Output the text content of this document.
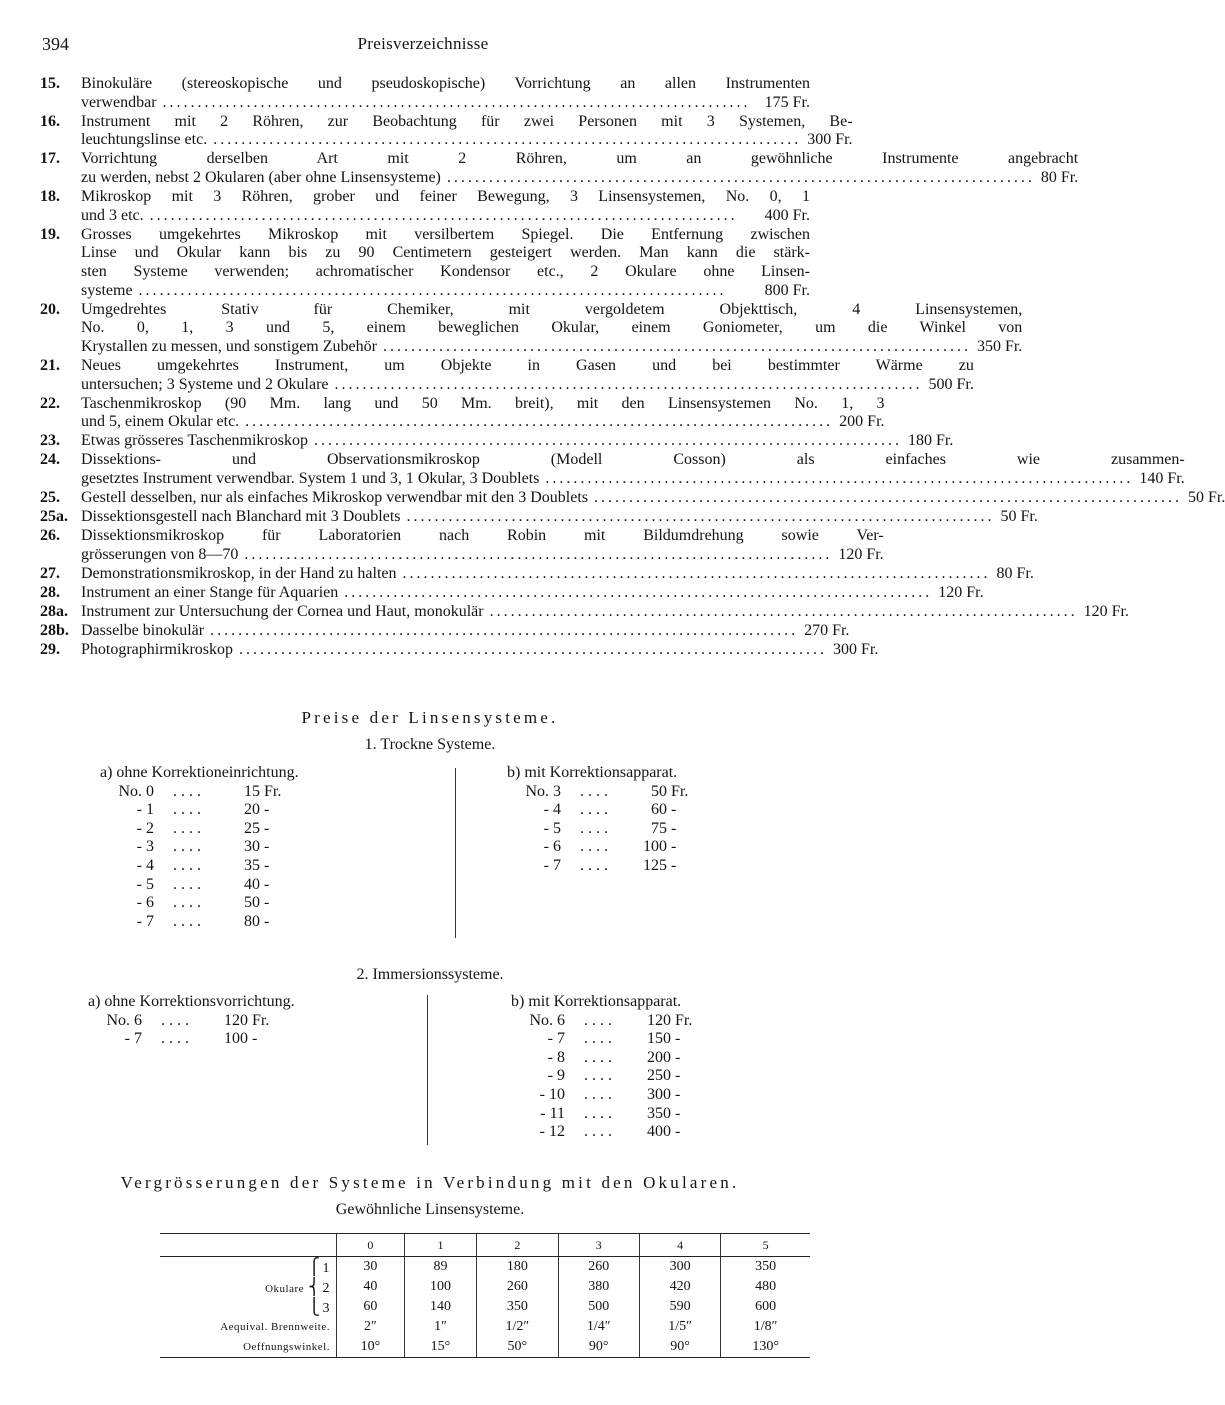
394	Preisverzeichnisse
15.	Binokuläre (stereoskopische und pseudoskopische) Vorrichtung an allen Instrumenten
verwendbar .................................................................................... 175 Fr.
16.	Instrument mit 2 Röhren, zur Beobachtung für zwei Personen mit 3 Systemen, Be-
leuchtungslinse etc. .................................................................................... 300 Fr.
17.	Vorrichtung derselben Art mit 2 Röhren, um an gewöhnliche Instrumente angebracht
zu werden, nebst 2 Okularen (aber ohne Linsensysteme) .................................................................................... 80 Fr.
18.	Mikroskop mit 3 Röhren, grober und feiner Bewegung, 3 Linsensystemen, No. 0, 1
und 3 etc. ....................................................................................	400 Fr.
19.	Grosses umgekehrtes Mikroskop mit versilbertem Spiegel. Die Entfernung zwischen
Linse und Okular kann bis zu 90 Centimetern gesteigert werden. Man kann die stärk-
sten Systeme verwenden; achromatischer Kondensor etc., 2 Okulare ohne Linsen-
systeme ....................................................................................	800 Fr.
20.	Umgedrehtes Stativ für Chemiker, mit vergoldetem Objekttisch, 4 Linsensystemen,
No. 0, 1, 3 und 5, einem beweglichen Okular, einem Goniometer, um die Winkel von
Krystallen zu messen, und sonstigem Zubehör .................................................................................... 350 Fr.
21.	Neues umgekehrtes Instrument, um Objekte in Gasen und bei bestimmter Wärme zu
untersuchen; 3 Systeme und 2 Okulare .................................................................................... 500 Fr.
22.	Taschenmikroskop (90 Mm. lang und 50 Mm. breit), mit den Linsensystemen No. 1, 3
und 5, einem Okular etc. .................................................................................... 200 Fr.
23.	Etwas grösseres Taschenmikroskop .................................................................................... 180 Fr.
24.	Dissektions- und Observationsmikroskop (Modell Cosson) als einfaches wie zusammen-
gesetztes Instrument verwendbar. System 1 und 3, 1 Okular, 3 Doublets .................................................................................... 140 Fr.
25.	Gestell desselben, nur als einfaches Mikroskop verwendbar mit den 3 Doublets .................................................................................... 50 Fr.
25a. Dissektionsgestell nach Blanchard mit 3 Doublets .................................................................................... 50 Fr.
26.	Dissektionsmikroskop für Laboratorien nach Robin mit Bildumdrehung sowie Ver-
grösserungen von 8—70 .................................................................................... 120 Fr.
27.	Demonstrationsmikroskop, in der Hand zu halten .................................................................................... 80 Fr.
28.	Instrument an einer Stange für Aquarien .................................................................................... 120 Fr.
28a. Instrument zur Untersuchung der Cornea und Haut, monokulär .................................................................................... 120 Fr.
28b. Dasselbe binokulär .................................................................................... 270 Fr.
29.	Photographirmikroskop .................................................................................... 300 Fr.
Preise der Linsensysteme.
1. Trockne Systeme.
a) ohne Korrektioneinrichtung.
No. 0 .... 15 Fr.
- 1 .... 20 -
- 2 .... 25 -
- 3 .... 30 -
- 4 .... 35 -
- 5 .... 40 -
- 6 .... 50 -
- 7 .... 80 -
b) mit Korrektionsapparat.
No. 3 .... 50 Fr.
- 4 .... 60 -
- 5 .... 75 -
- 6 .... 100 -
- 7 .... 125 -
2. Immersionssysteme.
a) ohne Korrektionsvorrichtung.
No. 6 .... 120 Fr.
- 7 .... 100 -
b) mit Korrektionsapparat.
No. 6 .... 120 Fr.
- 7 .... 150 -
- 8 .... 200 -
- 9 .... 250 -
- 10 .... 300 -
- 11 .... 350 -
- 12 .... 400 -
Vergrösserungen der Systeme in Verbindung mit den Okularen.
Gewöhnliche Linsensysteme.
	0	1	2	3	4	5
⎧ 1	30	89	180	260	300	350
Okulare ⎨ 2	40	100	260	380	420	480
⎩ 3	60	140	350	500	590	600
Aequival. Brennweite.	2″	1″	1/2″	1/4″	1/5″	1/8″
Oeffnungswinkel.	10°	15°	50°	90°	90°	130°
